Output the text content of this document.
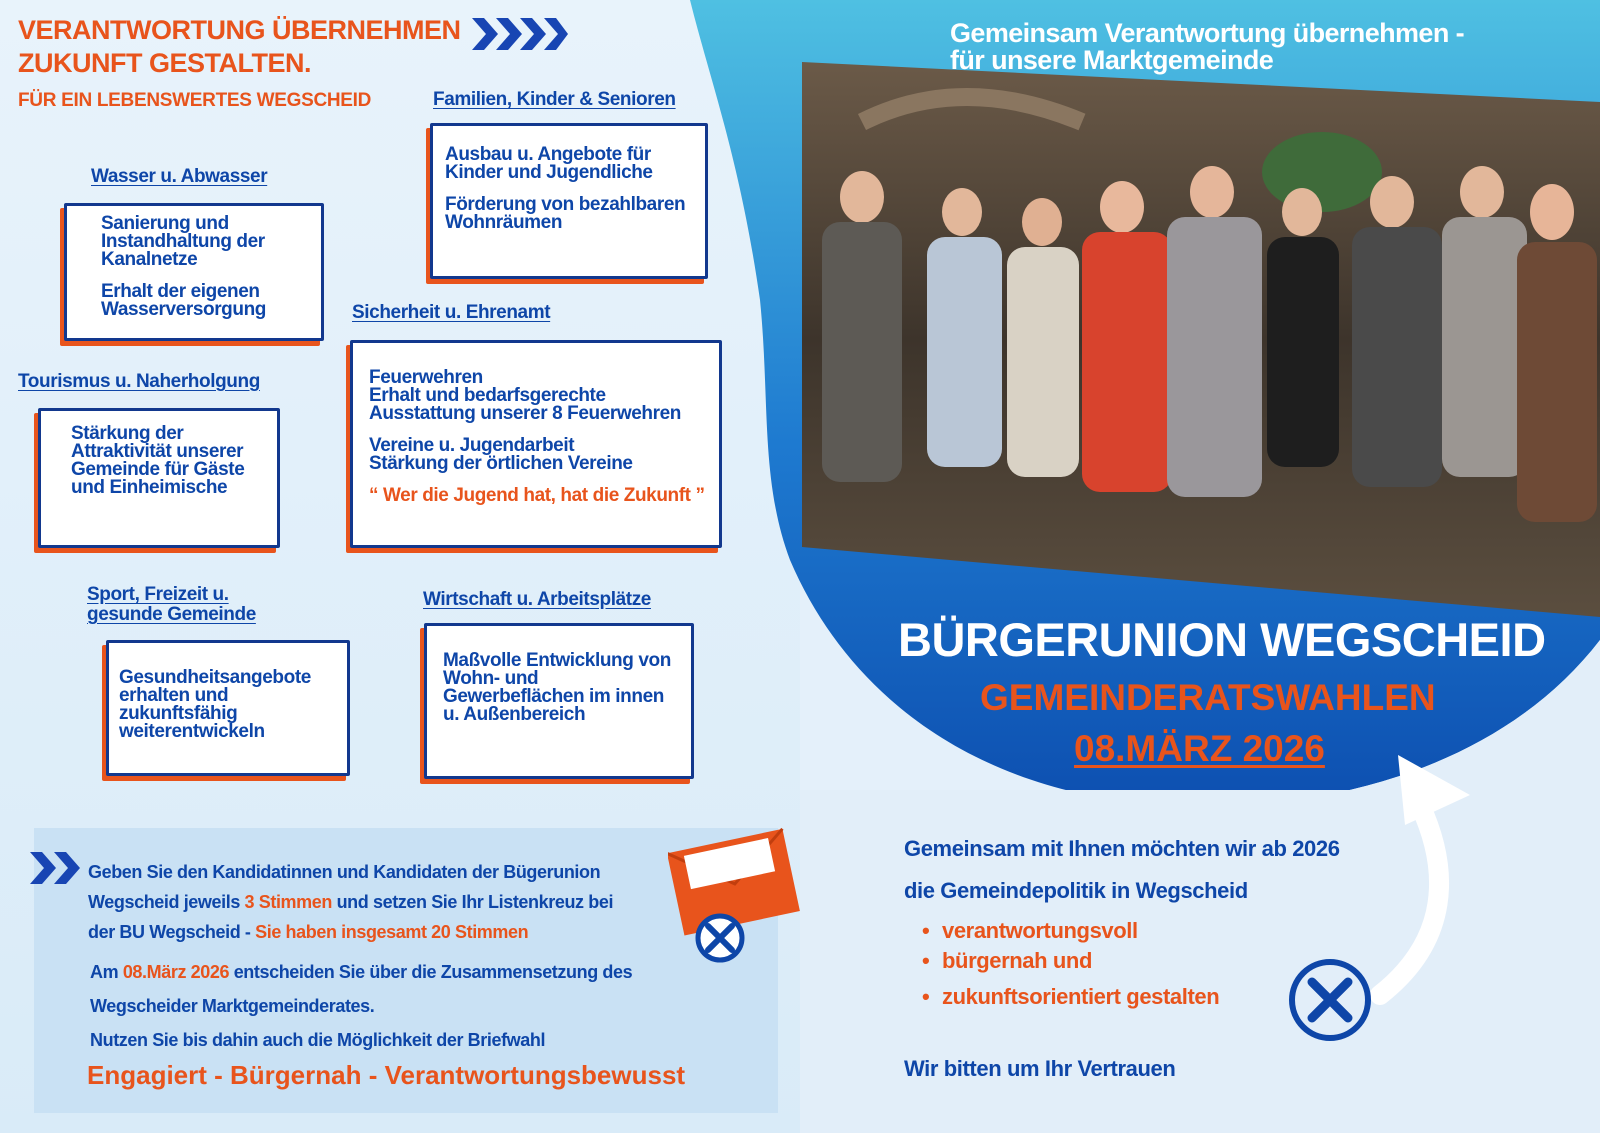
VERANTWORTUNG ÜBERNEHMEN
ZUKUNFT GESTALTEN.
FÜR EIN LEBENSWERTES WEGSCHEID	Familien, Kinder & Senioren

Ausbau u. Angebote für Kinder und Jugendliche

Förderung von bezahlbaren Wohnräumen

Wasser u. Abwasser

Sanierung und Instandhaltung der Kanalnetze

Erhalt der eigenen Wasserversorgung	Sicherheit u. Ehrenamt
Feuerwehren
Erhalt und bedarfsgerechte
Ausstattung unserer 8 Feuerwehren
Vereine u. Jugendarbeit
Stärkung der örtlichen Vereine
“ Wer die Jugend hat, hat die Zukunft ”
Tourismus u. Naherholgung

Stärkung der Attraktivität unserer Gemeinde für Gäste und Einheimische

Sport, Freizeit u.
gesunde Gemeinde

Gesundheitsangebote erhalten und zukunftsfähig weiterentwickeln

Wirtschaft u. Arbeitsplätze

Maßvolle Entwicklung von Wohn- und Gewerbeflächen im innen u. Außenbereich

Geben Sie den Kandidatinnen und Kandidaten der Bügerunion
Wegscheid jeweils 3 Stimmen und setzen Sie Ihr Listenkreuz bei
der BU Wegscheid - Sie haben insgesamt 20 Stimmen
Am 08.März 2026 entscheiden Sie über die Zusammensetzung des
Wegscheider Marktgemeinderates.
Nutzen Sie bis dahin auch die Möglichkeit der Briefwahl
Engagiert - Bürgernah - Verantwortungsbewusst
Gemeinsam Verantwortung übernehmen -
für unsere Marktgemeinde
BÜRGERUNION WEGSCHEID
GEMEINDERATSWAHLEN
08.MÄRZ 2026
Gemeinsam mit Ihnen möchten wir ab 2026
die Gemeindepolitik in Wegscheid
• verantwortungsvoll
• bürgernah und
• zukunftsorientiert gestalten
Wir bitten um Ihr Vertrauen
